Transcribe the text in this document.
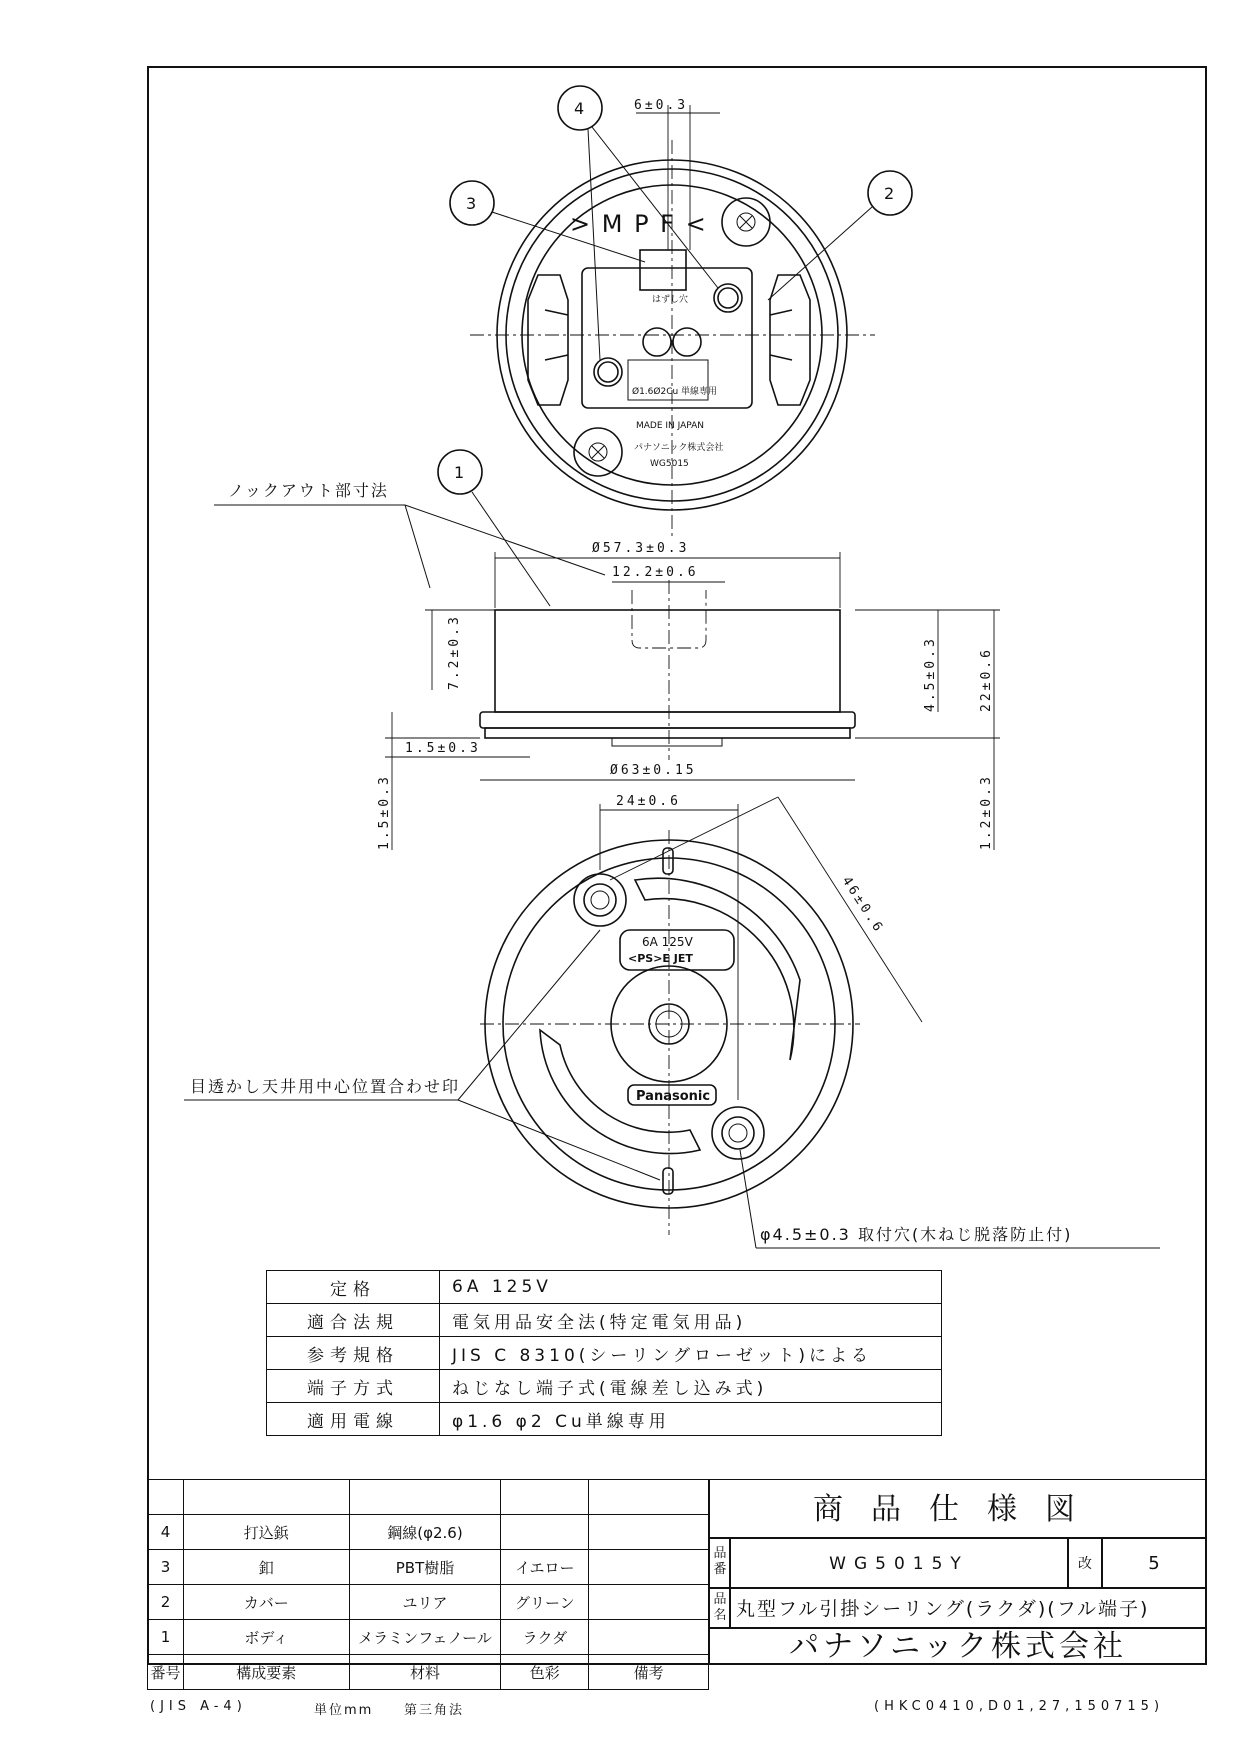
> M P F <
MADE IN JAPAN
パナソニック株式会社
WG5015
Ø1.6Ø2Cu 単線専用
はずし穴
4
3
2
1
6±0.3
Ø57.3±0.3
12.2±0.6
7.2±0.3	4.5±0.3	22±0.6
1.5±0.3
1.5±0.3
Ø63±0.15
1.2±0.3
ノックアウト部寸法
6A 125V
<PS>E JET
Panasonic
24±0.6
46±0.6
目透かし天井用中心位置合わせ印
φ4.5±0.3 取付穴(木ねじ脱落防止付)
定格	6A 125V
適合法規	電気用品安全法(特定電気用品)
参考規格	JIS C 8310(シーリングローゼット)による
端子方式	ねじなし端子式(電線差し込み式)
適用電線	φ1.6 φ2 Cu単線専用

4	打込鋲	鋼線(φ2.6)		
3	釦	PBT樹脂	イエロー	
2	カバー	ユリア	グリーン	
1	ボディ	メラミンフェノール	ラクダ	
番号	構成要素	材料	色彩	備考
商品仕様図
品番	WG5015Y	改	5
品名 丸型フル引掛シーリング(ラクダ)(フル端子)
パナソニック株式会社
(JIS A-4)	単位mm 第三角法	(HKC0410,D01,27,150715)
